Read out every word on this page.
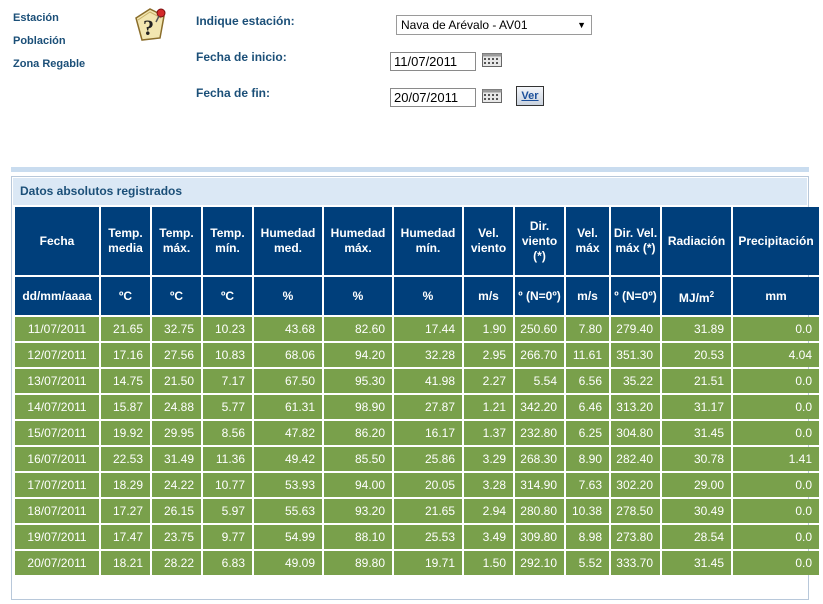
Estación
Población
Zona Regable
?	Indique estación:	Nava de Arévalo - AV01	▼
Fecha de inicio:	11/07/2011
Fecha de fin:	20/07/2011	Ver
Datos absolutos registrados
Fecha	Temp. media	Temp. máx.	Temp. mín.	Humedad med.	Humedad máx.	Humedad mín.	Vel. viento	Dir. viento (*)	Vel. máx	Dir. Vel. máx (*)	Radiación	Precipitación
dd/mm/aaaa	ºC	ºC	ºC	%	%	%	m/s	º (N=0º)	m/s	º (N=0º)	$MJ/m^2$	mm
11/07/2011	21.65	32.75	10.23	43.68	82.60	17.44	1.90	250.60	7.80	279.40	31.89	0.0
12/07/2011	17.16	27.56	10.83	68.06	94.20	32.28	2.95	266.70	11.61	351.30	20.53	4.04
13/07/2011	14.75	21.50	7.17	67.50	95.30	41.98	2.27	5.54	6.56	35.22	21.51	0.0
14/07/2011	15.87	24.88	5.77	61.31	98.90	27.87	1.21	342.20	6.46	313.20	31.17	0.0
15/07/2011	19.92	29.95	8.56	47.82	86.20	16.17	1.37	232.80	6.25	304.80	31.45	0.0
16/07/2011	22.53	31.49	11.36	49.42	85.50	25.86	3.29	268.30	8.90	282.40	30.78	1.41
17/07/2011	18.29	24.22	10.77	53.93	94.00	20.05	3.28	314.90	7.63	302.20	29.00	0.0
18/07/2011	17.27	26.15	5.97	55.63	93.20	21.65	2.94	280.80	10.38	278.50	30.49	0.0
19/07/2011	17.47	23.75	9.77	54.99	88.10	25.53	3.49	309.80	8.98	273.80	28.54	0.0
20/07/2011	18.21	28.22	6.83	49.09	89.80	19.71	1.50	292.10	5.52	333.70	31.45	0.0
